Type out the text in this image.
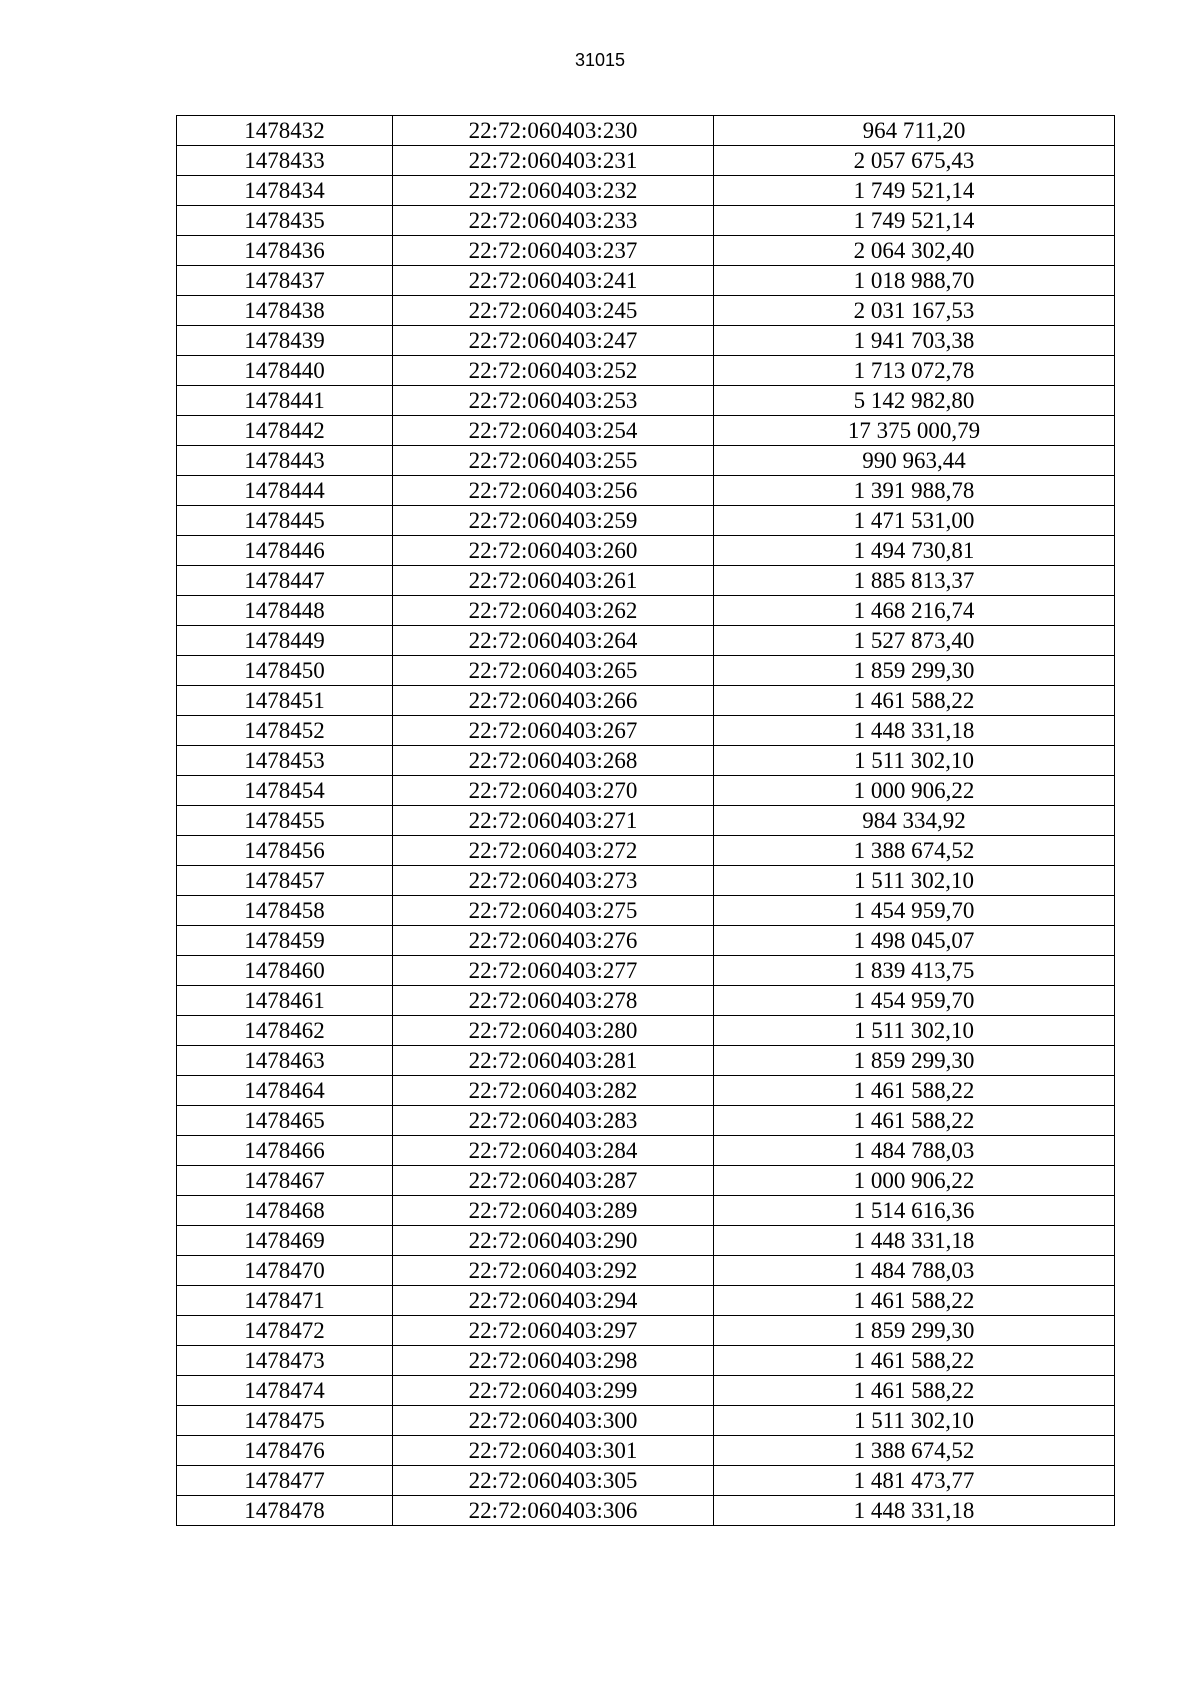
31015
1478432	22:72:060403:230	964 711,20
1478433	22:72:060403:231	2 057 675,43
1478434	22:72:060403:232	1 749 521,14
1478435	22:72:060403:233	1 749 521,14
1478436	22:72:060403:237	2 064 302,40
1478437	22:72:060403:241	1 018 988,70
1478438	22:72:060403:245	2 031 167,53
1478439	22:72:060403:247	1 941 703,38
1478440	22:72:060403:252	1 713 072,78
1478441	22:72:060403:253	5 142 982,80
1478442	22:72:060403:254	17 375 000,79
1478443	22:72:060403:255	990 963,44
1478444	22:72:060403:256	1 391 988,78
1478445	22:72:060403:259	1 471 531,00
1478446	22:72:060403:260	1 494 730,81
1478447	22:72:060403:261	1 885 813,37
1478448	22:72:060403:262	1 468 216,74
1478449	22:72:060403:264	1 527 873,40
1478450	22:72:060403:265	1 859 299,30
1478451	22:72:060403:266	1 461 588,22
1478452	22:72:060403:267	1 448 331,18
1478453	22:72:060403:268	1 511 302,10
1478454	22:72:060403:270	1 000 906,22
1478455	22:72:060403:271	984 334,92
1478456	22:72:060403:272	1 388 674,52
1478457	22:72:060403:273	1 511 302,10
1478458	22:72:060403:275	1 454 959,70
1478459	22:72:060403:276	1 498 045,07
1478460	22:72:060403:277	1 839 413,75
1478461	22:72:060403:278	1 454 959,70
1478462	22:72:060403:280	1 511 302,10
1478463	22:72:060403:281	1 859 299,30
1478464	22:72:060403:282	1 461 588,22
1478465	22:72:060403:283	1 461 588,22
1478466	22:72:060403:284	1 484 788,03
1478467	22:72:060403:287	1 000 906,22
1478468	22:72:060403:289	1 514 616,36
1478469	22:72:060403:290	1 448 331,18
1478470	22:72:060403:292	1 484 788,03
1478471	22:72:060403:294	1 461 588,22
1478472	22:72:060403:297	1 859 299,30
1478473	22:72:060403:298	1 461 588,22
1478474	22:72:060403:299	1 461 588,22
1478475	22:72:060403:300	1 511 302,10
1478476	22:72:060403:301	1 388 674,52
1478477	22:72:060403:305	1 481 473,77
1478478	22:72:060403:306	1 448 331,18
